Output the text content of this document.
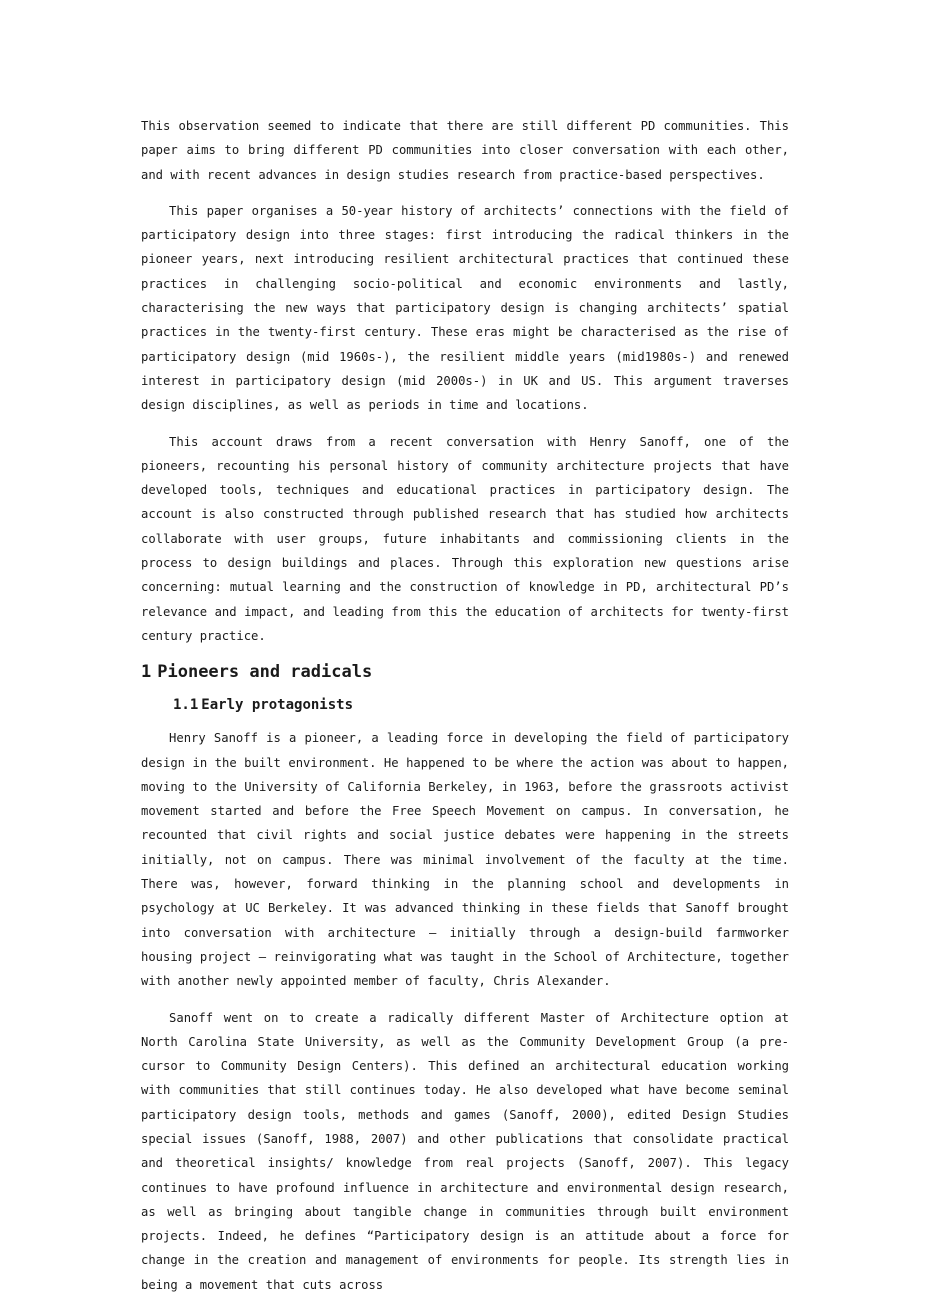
This observation seemed to indicate that there are still different PD communities. This paper aims to bring different PD communities into closer conversation with each other, and with recent advances in design studies research from practice-based perspectives.

This paper organises a 50-year history of architects’ connections with the field of participatory design into three stages: first introducing the radical thinkers in the pioneer years, next introducing resilient architectural practices that continued these practices in challenging socio-political and economic environments and lastly, characterising the new ways that participatory design is changing architects’ spatial practices in the twenty-first century. These eras might be characterised as the rise of participatory design (mid 1960s-), the resilient middle years (mid1980s-) and renewed interest in participatory design (mid 2000s-) in UK and US. This argument traverses design disciplines, as well as periods in time and locations.

This account draws from a recent conversation with Henry Sanoff, one of the pioneers, recounting his personal history of community architecture projects that have developed tools, techniques and educational practices in participatory design. The account is also constructed through published research that has studied how architects collaborate with user groups, future inhabitants and commissioning clients in the process to design buildings and places. Through this exploration new questions arise concerning: mutual learning and the construction of knowledge in PD, architectural PD’s relevance and impact, and leading from this the education of architects for twenty-first century practice.

1 Pioneers and radicals
1.1 Early protagonists

Henry Sanoff is a pioneer, a leading force in developing the field of participatory design in the built environment. He happened to be where the action was about to happen, moving to the University of California Berkeley, in 1963, before the grassroots activist movement started and before the Free Speech Movement on campus. In conversation, he recounted that civil rights and social justice debates were happening in the streets initially, not on campus. There was minimal involvement of the faculty at the time. There was, however, forward thinking in the planning school and developments in psychology at UC Berkeley. It was advanced thinking in these fields that Sanoff brought into conversation with architecture – initially through a design-build farmworker housing project – reinvigorating what was taught in the School of Architecture, together with another newly appointed member of faculty, Chris Alexander.

Sanoff went on to create a radically different Master of Architecture option at North Carolina State University, as well as the Community Development Group (a pre-cursor to Community Design Centers). This defined an architectural education working with communities that still continues today. He also developed what have become seminal participatory design tools, methods and games (Sanoff, 2000), edited Design Studies special issues (Sanoff, 1988, 2007) and other publications that consolidate practical and theoretical insights/ knowledge from real projects (Sanoff, 2007). This legacy continues to have profound influence in architecture and environmental design research, as well as bringing about tangible change in communities through built environment projects. Indeed, he defines “Participatory design is an attitude about a force for change in the creation and management of environments for people. Its strength lies in being a movement that cuts across
